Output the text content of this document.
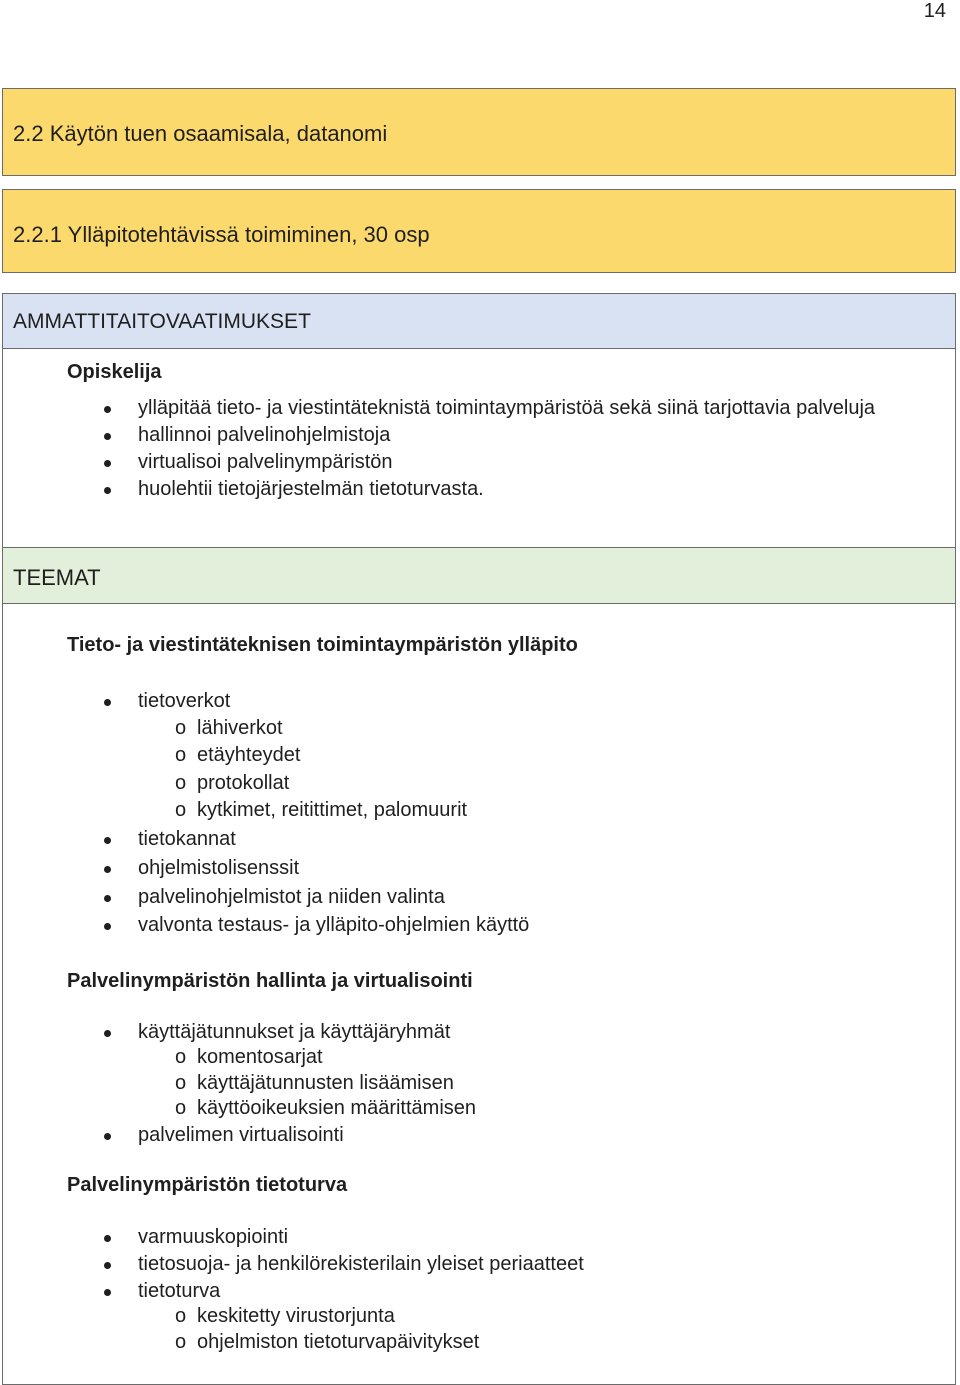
14
2.2 Käytön tuen osaamisala, datanomi
2.2.1 Ylläpitotehtävissä toimiminen, 30 osp
AMMATTITAITOVAATIMUKSET
Opiskelija
ylläpitää tieto- ja viestintäteknistä toimintaympäristöä sekä siinä tarjottavia palveluja
hallinnoi palvelinohjelmistoja
virtualisoi palvelinympäristön
huolehtii tietojärjestelmän tietoturvasta.
TEEMAT
Tieto- ja viestintäteknisen toimintaympäristön ylläpito
tietoverkot
o lähiverkot
o etäyhteydet
o protokollat
o kytkimet, reitittimet, palomuurit
tietokannat
ohjelmistolisenssit
palvelinohjelmistot ja niiden valinta
valvonta testaus- ja ylläpito-ohjelmien käyttö
Palvelinympäristön hallinta ja virtualisointi
käyttäjätunnukset ja käyttäjäryhmät
o komentosarjat
o käyttäjätunnusten lisäämisen
o käyttöoikeuksien määrittämisen
palvelimen virtualisointi
Palvelinympäristön tietoturva
varmuuskopiointi
tietosuoja- ja henkilörekisterilain yleiset periaatteet
tietoturva
o keskitetty virustorjunta
o ohjelmiston tietoturvapäivitykset
